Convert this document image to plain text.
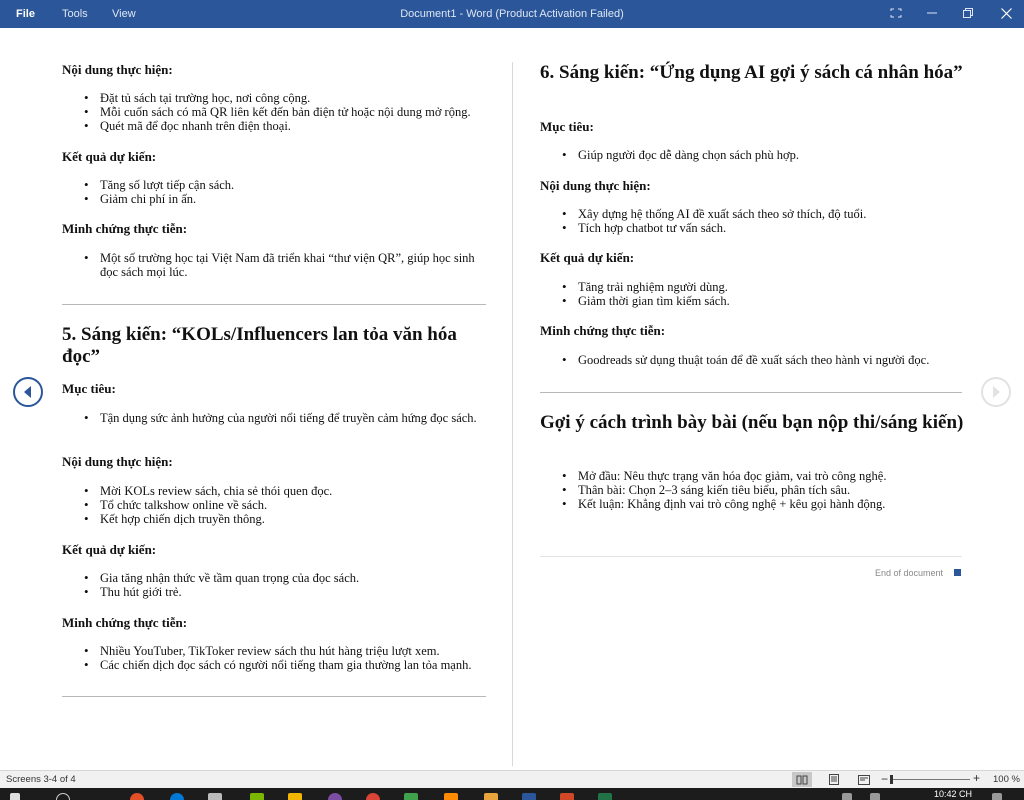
File Tools View	Document1 - Word (Product Activation Failed)
Nội dung thực hiện:
• Đặt tủ sách tại trường học, nơi công cộng.
• Mỗi cuốn sách có mã QR liên kết đến bản điện tử hoặc nội dung mở rộng.
• Quét mã để đọc nhanh trên điện thoại.
Kết quả dự kiến:
• Tăng số lượt tiếp cận sách.
• Giảm chi phí in ấn.
Minh chứng thực tiễn:
• Một số trường học tại Việt Nam đã triển khai “thư viện QR”, giúp học sinh đọc sách mọi lúc.
5. Sáng kiến: “KOLs/Influencers lan tỏa văn hóa đọc”
Mục tiêu:
• Tận dụng sức ảnh hưởng của người nổi tiếng để truyền cảm hứng đọc sách.
Nội dung thực hiện:
• Mời KOLs review sách, chia sẻ thói quen đọc.
• Tổ chức talkshow online về sách.
• Kết hợp chiến dịch truyền thông.
Kết quả dự kiến:
• Gia tăng nhận thức về tầm quan trọng của đọc sách.
• Thu hút giới trẻ.
Minh chứng thực tiễn:
• Nhiều YouTuber, TikToker review sách thu hút hàng triệu lượt xem.
• Các chiến dịch đọc sách có người nổi tiếng tham gia thường lan tỏa mạnh.
6. Sáng kiến: “Ứng dụng AI gợi ý sách cá nhân hóa”
Mục tiêu:
• Giúp người đọc dễ dàng chọn sách phù hợp.
Nội dung thực hiện:
• Xây dựng hệ thống AI đề xuất sách theo sở thích, độ tuổi.
• Tích hợp chatbot tư vấn sách.
Kết quả dự kiến:
• Tăng trải nghiệm người dùng.
• Giảm thời gian tìm kiếm sách.
Minh chứng thực tiễn:
• Goodreads sử dụng thuật toán để đề xuất sách theo hành vi người đọc.
Gợi ý cách trình bày bài (nếu bạn nộp thi/sáng kiến)
• Mở đầu: Nêu thực trạng văn hóa đọc giảm, vai trò công nghệ.
• Thân bài: Chọn 2–3 sáng kiến tiêu biểu, phân tích sâu.
• Kết luận: Khẳng định vai trò công nghệ + kêu gọi hành động.
End of document
Screens 3-4 of 4	−	+ 100 %
10:42 CH
